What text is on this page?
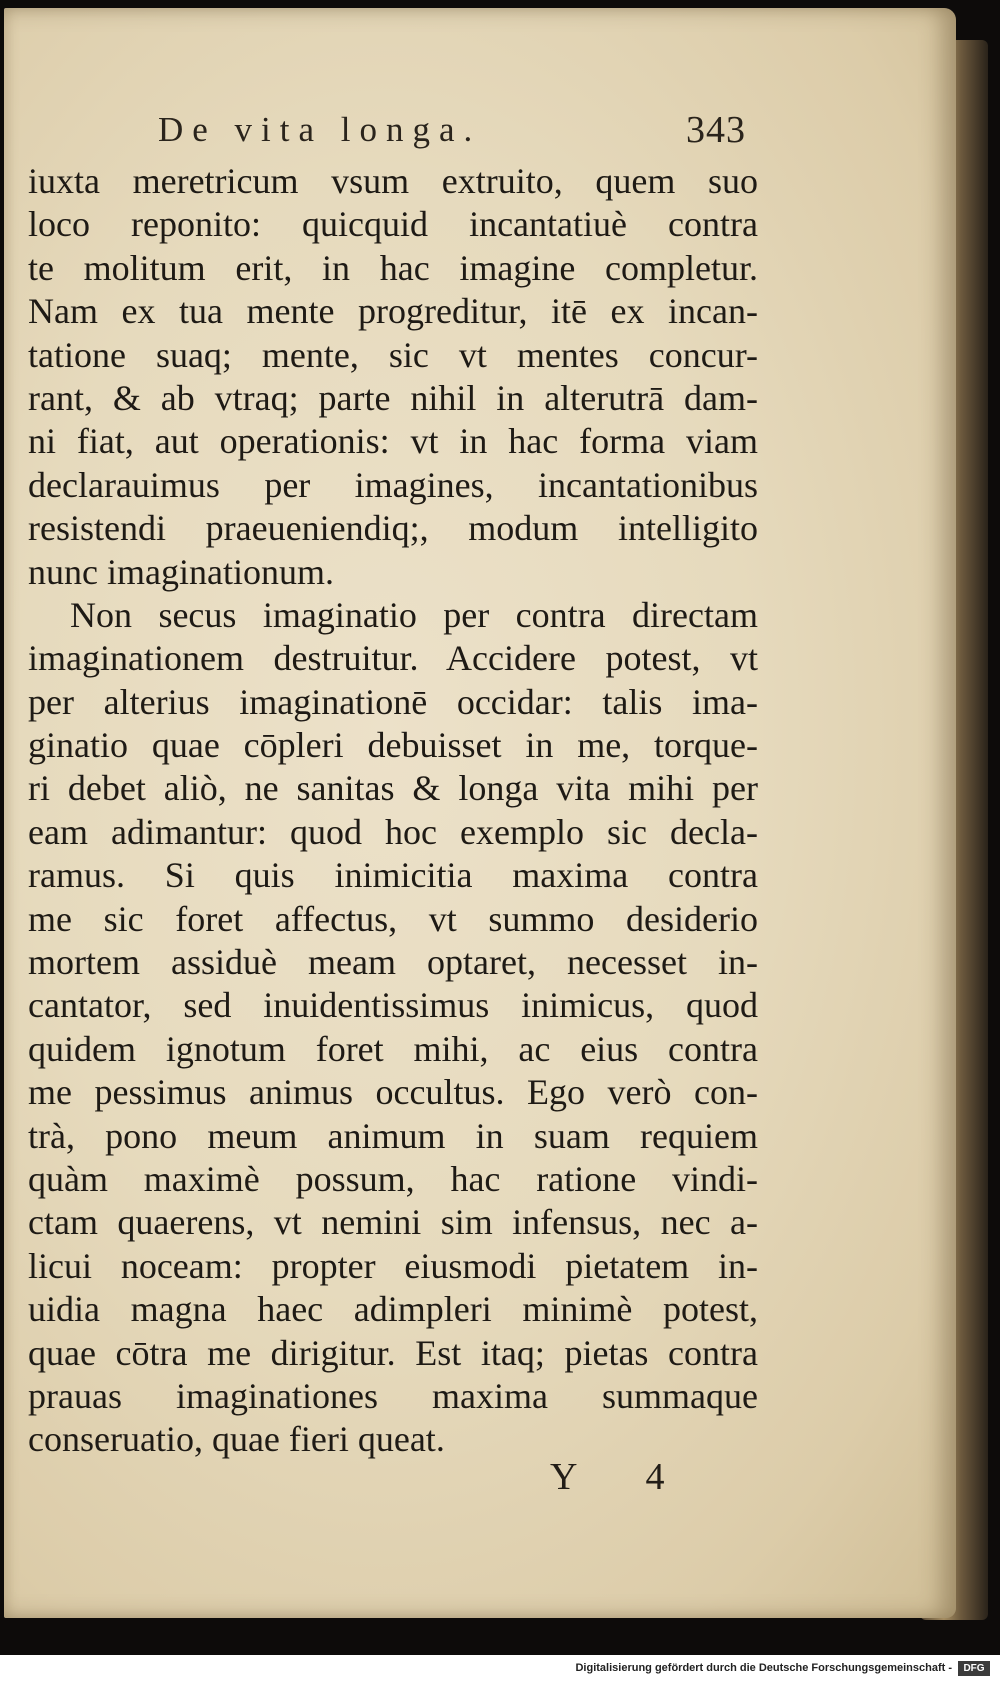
De vita longa.	343
iuxta meretricum vsum extruito, quem suo
loco reponito: quicquid incantatiuè contra
te molitum erit, in hac imagine completur.
Nam ex tua mente progreditur, itē ex incan-
tatione suaq; mente, sic vt mentes concur-
rant, & ab vtraq; parte nihil in alterutrā dam-
ni fiat, aut operationis: vt in hac forma viam
declarauimus per imagines, incantationibus
resistendi praeueniendiq;, modum intelligito
nunc imaginationum.
Non secus imaginatio per contra directam
imaginationem destruitur. Accidere potest, vt
per alterius imaginationē occidar: talis ima-
ginatio quae cōpleri debuisset in me, torque-
ri debet aliò, ne sanitas & longa vita mihi per
eam adimantur: quod hoc exemplo sic decla-
ramus. Si quis inimicitia maxima contra
me sic foret affectus, vt summo desiderio
mortem assiduè meam optaret, necesset in-
cantator, sed inuidentissimus inimicus, quod
quidem ignotum foret mihi, ac eius contra
me pessimus animus occultus. Ego verò con-
trà, pono meum animum in suam requiem
quàm maximè possum, hac ratione vindi-
ctam quaerens, vt nemini sim infensus, nec a-
licui noceam: propter eiusmodi pietatem in-
uidia magna haec adimpleri minimè potest,
quae cōtra me dirigitur. Est itaq; pietas contra
prauas imaginationes maxima summaque
conseruatio, quae fieri queat.
Y 4
Digitalisierung gefördert durch die Deutsche Forschungsgemeinschaft -	DFG
